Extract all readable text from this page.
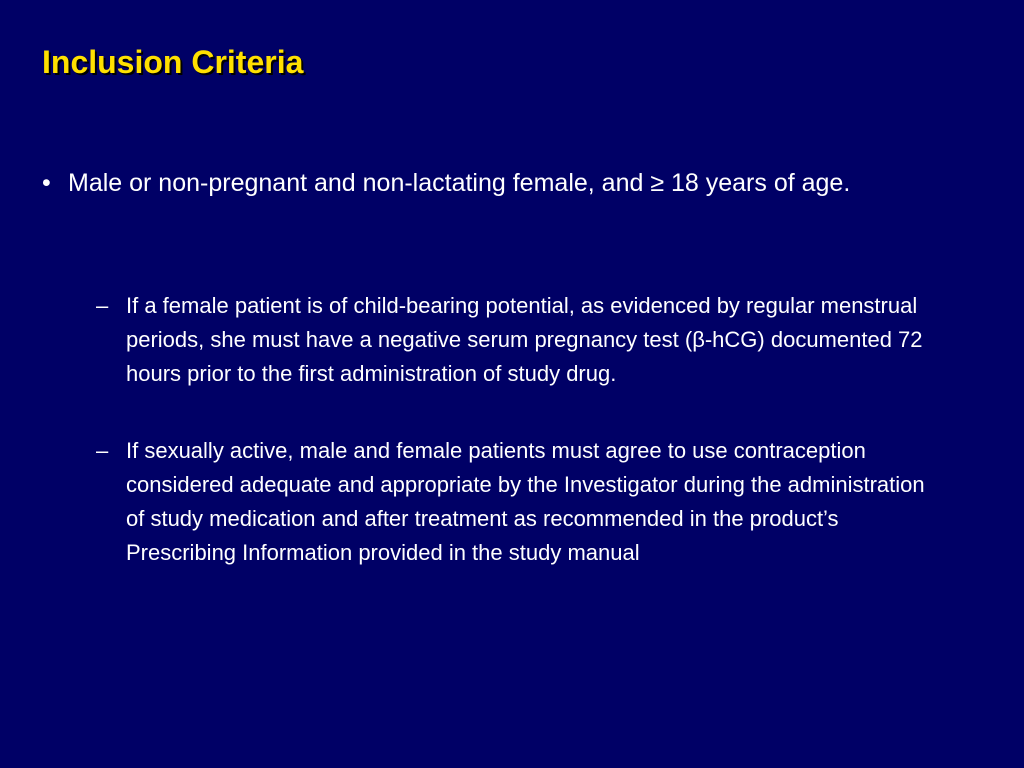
Inclusion Criteria
• Male or non-pregnant and non-lactating female, and ≥ 18 years of age.
– If a female patient is of child-bearing potential, as evidenced by regular menstrual periods, she must have a negative serum pregnancy test (β-hCG) documented 72 hours prior to the first administration of study drug.
– If sexually active, male and female patients must agree to use contraception considered adequate and appropriate by the Investigator during the administration of study medication and after treatment as recommended in the product’s Prescribing Information provided in the study manual
